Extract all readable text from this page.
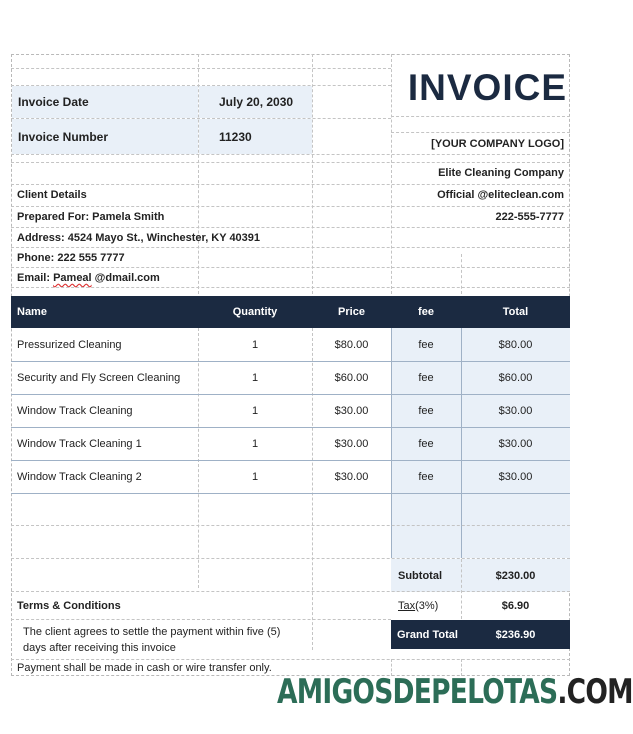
Invoice Date	July 20, 2030
Invoice Number	11230
INVOICE
[YOUR COMPANY LOGO]
Elite Cleaning Company
Client Details	Official @eliteclean.com
Prepared For: Pamela Smith	222-555-7777
Address: 4524 Mayo St., Winchester, KY 40391
Phone: 222 555 7777
Email: Pameal @dmail.com
Name	Quantity	Price	fee	Total
Pressurized Cleaning	1	$80.00	fee	$80.00
Security and Fly Screen Cleaning	1	$60.00	fee	$60.00
Window Track Cleaning	1	$30.00	fee	$30.00
Window Track Cleaning 1	1	$30.00	fee	$30.00
Window Track Cleaning 2	1	$30.00	fee	$30.00
Subtotal	$230.00
Terms & Conditions	Tax (3%)	$6.90
Grand Total	$236.90
The client agrees to settle the payment within five (5)
days after receiving this invoice
Payment shall be made in cash or wire transfer only.
AMIGOSDEPELOTAS.COM
